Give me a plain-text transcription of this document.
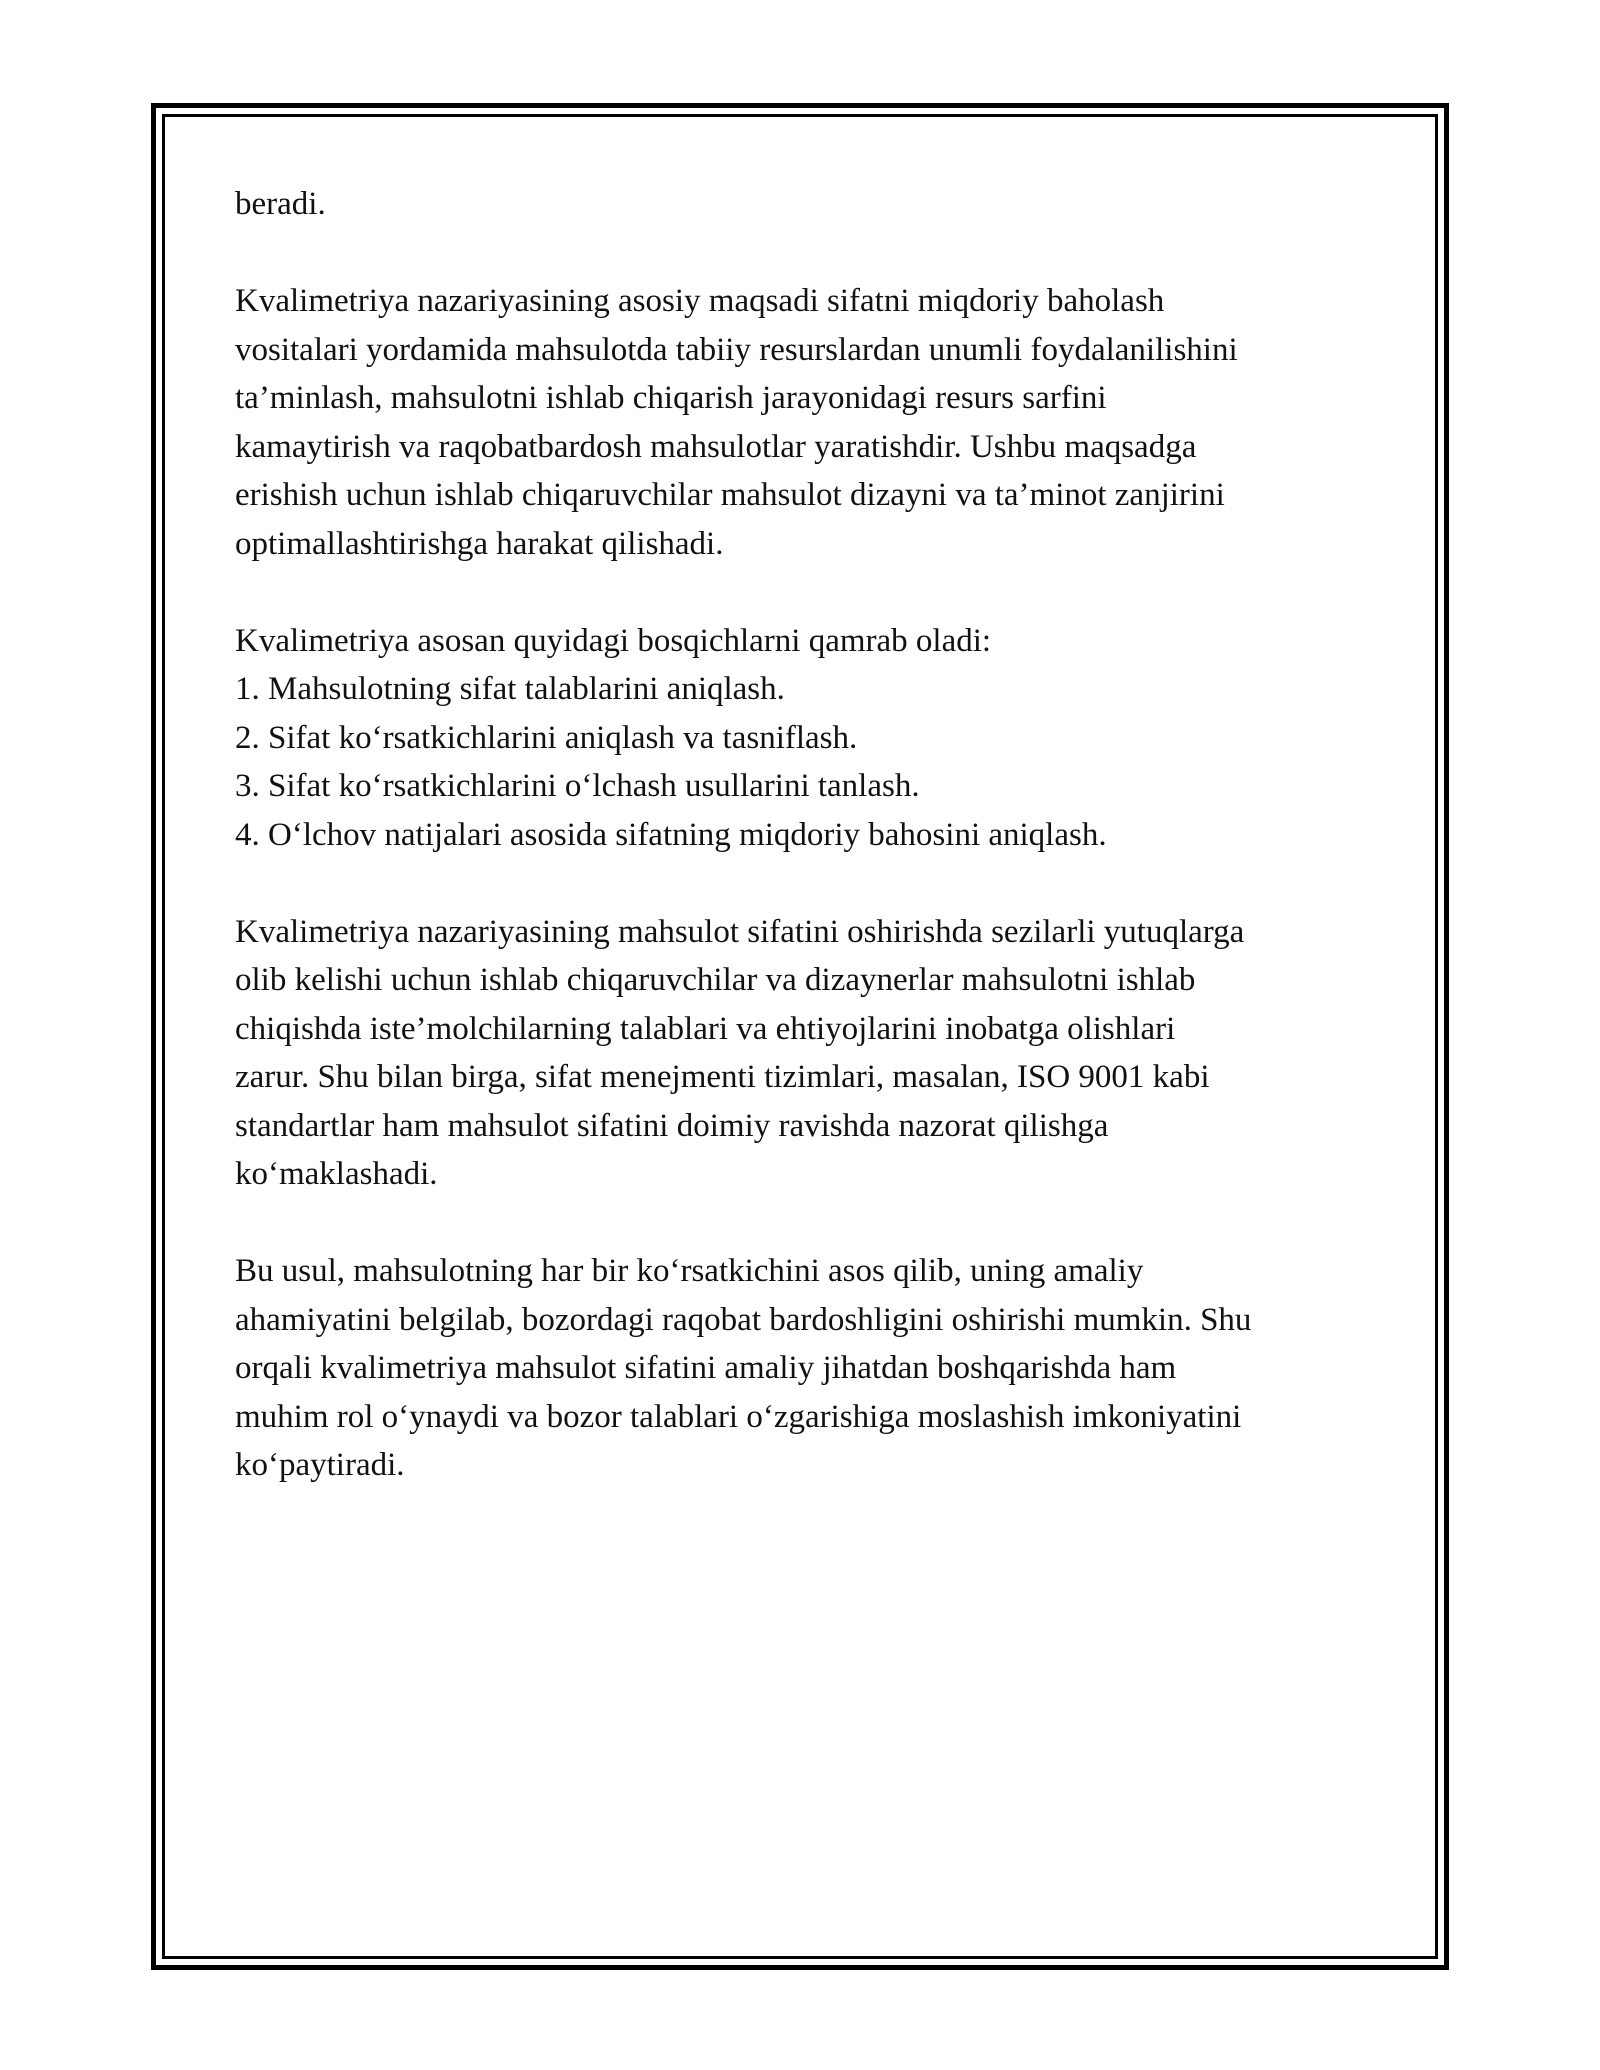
beradi.

Kvalimetriya nazariyasining asosiy maqsadi sifatni miqdoriy baholash
vositalari yordamida mahsulotda tabiiy resurslardan unumli foydalanilishini
ta’minlash, mahsulotni ishlab chiqarish jarayonidagi resurs sarfini
kamaytirish va raqobatbardosh mahsulotlar yaratishdir. Ushbu maqsadga
erishish uchun ishlab chiqaruvchilar mahsulot dizayni va ta’minot zanjirini
optimallashtirishga harakat qilishadi.

Kvalimetriya asosan quyidagi bosqichlarni qamrab oladi:

1. Mahsulotning sifat talablarini aniqlash.

2. Sifat ko‘rsatkichlarini aniqlash va tasniflash.

3. Sifat ko‘rsatkichlarini o‘lchash usullarini tanlash.

4. O‘lchov natijalari asosida sifatning miqdoriy bahosini aniqlash.

Kvalimetriya nazariyasining mahsulot sifatini oshirishda sezilarli yutuqlarga
olib kelishi uchun ishlab chiqaruvchilar va dizaynerlar mahsulotni ishlab
chiqishda iste’molchilarning talablari va ehtiyojlarini inobatga olishlari
zarur. Shu bilan birga, sifat menejmenti tizimlari, masalan, ISO 9001 kabi
standartlar ham mahsulot sifatini doimiy ravishda nazorat qilishga
ko‘maklashadi.

Bu usul, mahsulotning har bir ko‘rsatkichini asos qilib, uning amaliy
ahamiyatini belgilab, bozordagi raqobat bardoshligini oshirishi mumkin. Shu
orqali kvalimetriya mahsulot sifatini amaliy jihatdan boshqarishda ham
muhim rol o‘ynaydi va bozor talablari o‘zgarishiga moslashish imkoniyatini
ko‘paytiradi.
